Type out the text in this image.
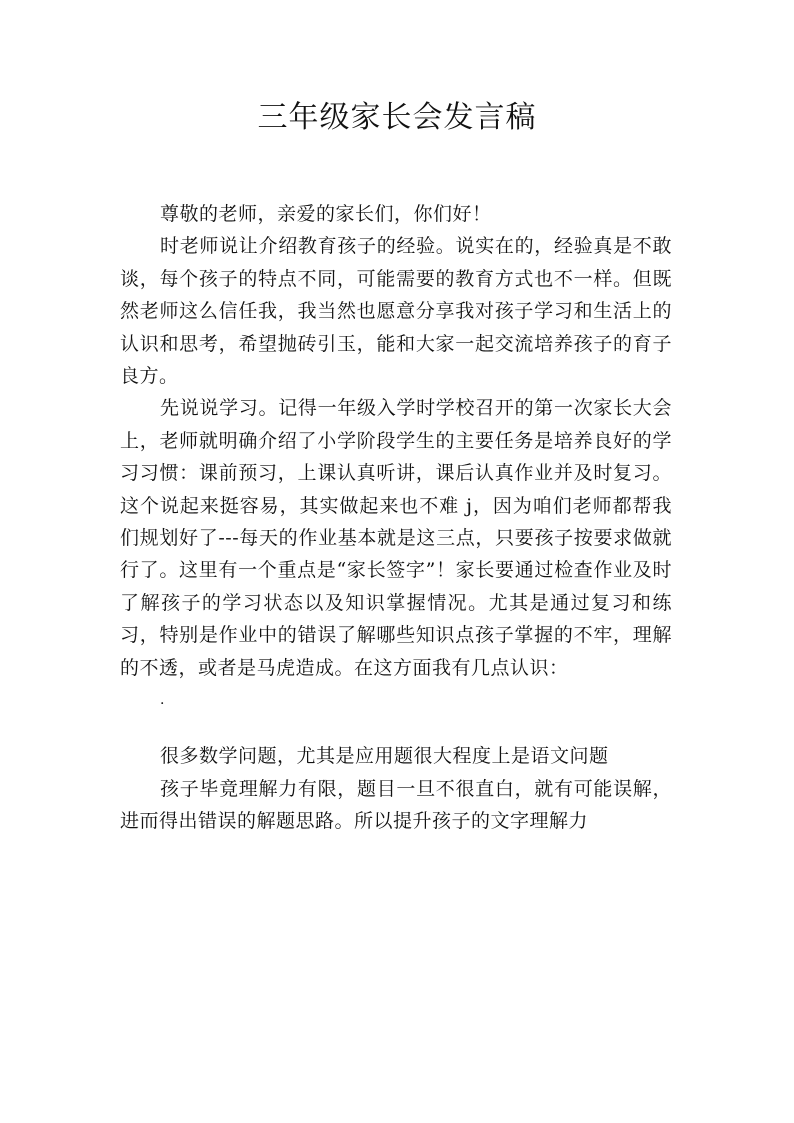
三年级家长会发言稿

尊敬的老师，亲爱的家长们，你们好！

时老师说让介绍教育孩子的经验。说实在的，经验真是不敢谈，每个孩子的特点不同，可能需要的教育方式也不一样。但既然老师这么信任我，我当然也愿意分享我对孩子学习和生活上的认识和思考，希望抛砖引玉，能和大家一起交流培养孩子的育子良方。

先说说学习。记得一年级入学时学校召开的第一次家长大会上，老师就明确介绍了小学阶段学生的主要任务是培养良好的学习习惯：课前预习，上课认真听讲，课后认真作业并及时复习。这个说起来挺容易，其实做起来也不难 j，因为咱们老师都帮我们规划好了---每天的作业基本就是这三点，只要孩子按要求做就行了。这里有一个重点是“家长签字”！家长要通过检查作业及时了解孩子的学习状态以及知识掌握情况。尤其是通过复习和练习，特别是作业中的错误了解哪些知识点孩子掌握的不牢，理解的不透，或者是马虎造成。在这方面我有几点认识：

·

很多数学问题，尤其是应用题很大程度上是语文问题

孩子毕竟理解力有限，题目一旦不很直白，就有可能误解，进而得出错误的解题思路。所以提升孩子的文字理解力
